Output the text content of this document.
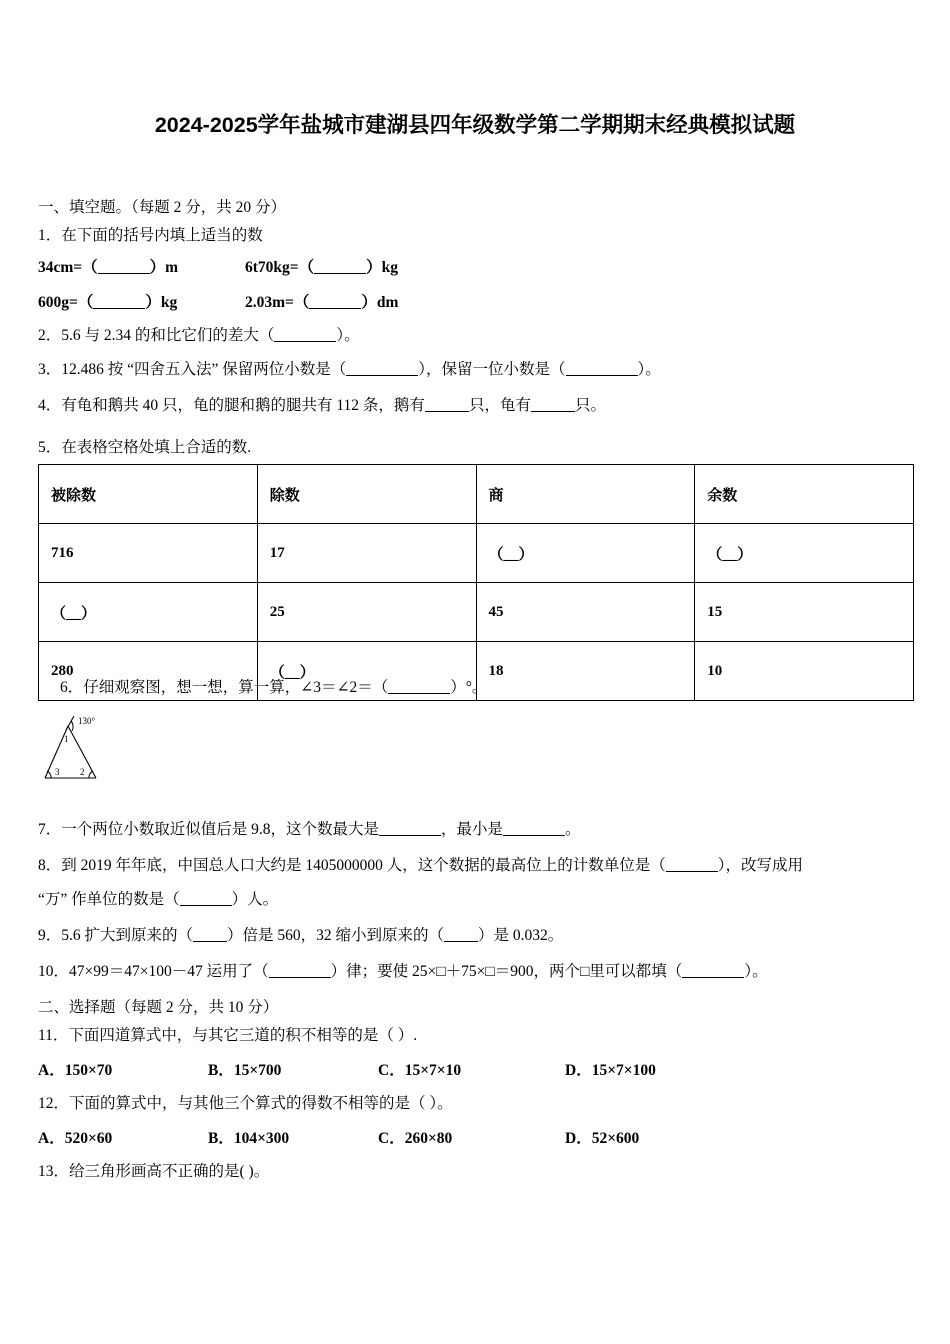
2024-2025学年盐城市建湖县四年级数学第二学期期末经典模拟试题
一、填空题。（每题 2 分，共 20 分）
1．在下面的括号内填上适当的数
34cm=（	）m	6t70kg=（	）kg
600g=（	）kg	2.03m=（	）dm
2．5.6 与 2.34 的和比它们的差大（	）。
3．12.486 按 “四舍五入法” 保留两位小数是（	），保留一位小数是（	）。
4．有龟和鹅共 40 只，龟的腿和鹅的腿共有 112 条，鹅有	只，龟有	只。
5．在表格空格处填上合适的数.
被除数	除数	商	余数
716	17	（__）	（__）
（__）	25	45	15
280	（__）	18	10
6．仔细观察图，想一想，算一算，∠3＝∠2＝（	）°。
130°
1
3 2
7．一个两位小数取近似值后是 9.8，这个数最大是	，最小是	。
8．到 2019 年年底，中国总人口大约是 1405000000 人，这个数据的最高位上的计数单位是（	），改写成用
“万” 作单位的数是（	）人。
9．5.6 扩大到原来的（ ）倍是 560，32 缩小到原来的（ ）是 0.032。
10．47×99＝47×100－47 运用了（	）律；要使 25×□＋75×□＝900，两个□里可以都填（	）。
二、选择题（每题 2 分，共 10 分）
11．下面四道算式中，与其它三道的积不相等的是（ ）.
A．150×70	B．15×700	C．15×7×10	D．15×7×100
12．下面的算式中，与其他三个算式的得数不相等的是（ ）。
A．520×60	B．104×300	C．260×80	D．52×600
13．给三角形画高不正确的是( )。
